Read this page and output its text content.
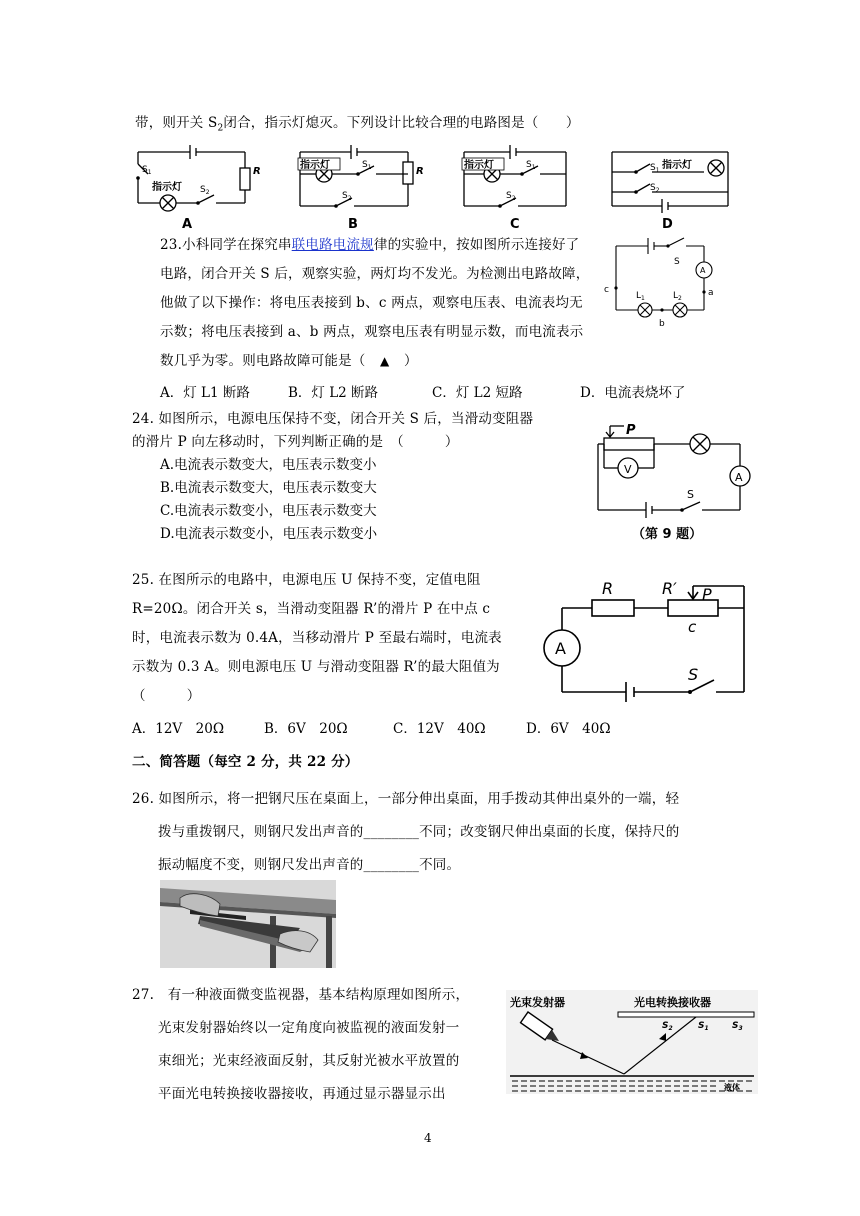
带，则开关 $S_2$闭合，指示灯熄灭。下列设计比较合理的电路图是（　　）
$S_1$
指示灯 $S_2$
R
A
指示灯	$S_1$
$S_2$
R
B
指示灯	$S_1$
$S_2$
C
$S_1$ 指示灯
$S_2$
D
23.小科同学在探究串联电路电流规律的实验中，按如图所示连接好了
电路，闭合开关 S 后，观察实验，两灯均不发光。为检测出电路故障，
他做了以下操作：将电压表接到 b、c 两点，观察电压表、电流表均无
示数；将电压表接到 a、b 两点，观察电压表有明显示数，而电流表示
数几乎为零。则电路故障可能是（ ▲ ）
A．灯 L1 断路	B．灯 L2 断路	C．灯 L2 短路	D．电流表烧坏了
S
A
$L_1$	$L_2$
a
b
c
24. 如图所示，电源电压保持不变，闭合开关 S 后，当滑动变阻器
的滑片 P 向左移动时，下列判断正确的是　（　　　）
A.电流表示数变大，电压表示数变小
B.电流表示数变大，电压表示数变大
C.电流表示数变小，电压表示数变大
D.电流表示数变小，电压表示数变小
P
V
A
S
（第 9 题）
25. 在图所示的电路中，电源电压 U 保持不变，定值电阻
R=20Ω。闭合开关 s，当滑动变阻器 R’的滑片 P 在中点 c
时，电流表示数为 0.4A，当移动滑片 P 至最右端时，电流表
示数为 0.3 A。则电源电压 U 与滑动变阻器 R’的最大阻值为
（　　　）
A．12V　20Ω	B．6V　20Ω	C．12V　40Ω	D．6V　40Ω
R	R′ P
c
A
S
二、简答题（每空 2 分，共 22 分）
26. 如图所示，将一把钢尺压在桌面上，一部分伸出桌面，用手拨动其伸出桌外的一端，轻
拨与重拨钢尺，则钢尺发出声音的________不同；改变钢尺伸出桌面的长度，保持尺的
振动幅度不变，则钢尺发出声音的________不同。
27.　有一种液面微变监视器，基本结构原理如图所示，
光束发射器始终以一定角度向被监视的液面发射一
束细光；光束经液面反射，其反射光被水平放置的
平面光电转换接收器接收，再通过显示器显示出
光束发射器	光电转换接收器
$S_2$	$S_1$	$S_3$
液体
4
